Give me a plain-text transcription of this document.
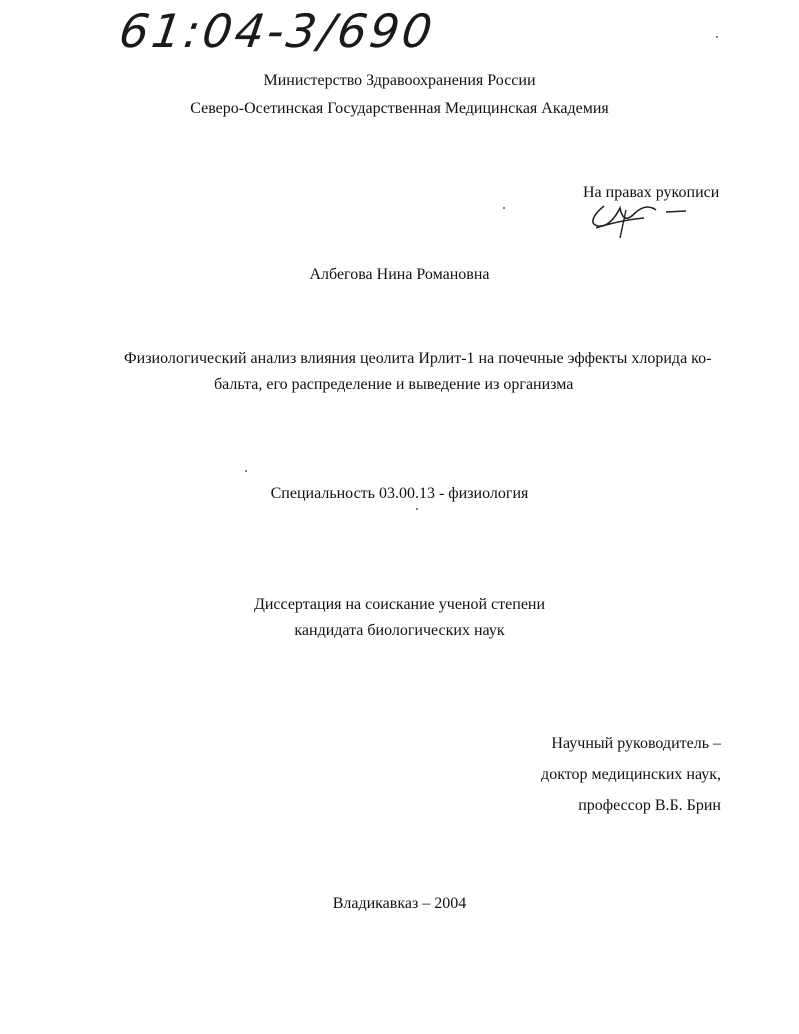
61:04-3/690
Министерство Здравоохранения России
Северо-Осетинская Государственная Медицинская Академия
На правах рукописи
Албегова Нина Романовна
Физиологический анализ влияния цеолита Ирлит-1 на почечные эффекты хлорида ко-
бальта, его распределение и выведение из организма
Специальность 03.00.13 - физиология
Диссертация на соискание ученой степени
кандидата биологических наук
Научный руководитель –
доктор медицинских наук,
профессор В.Б. Брин
Владикавказ – 2004
